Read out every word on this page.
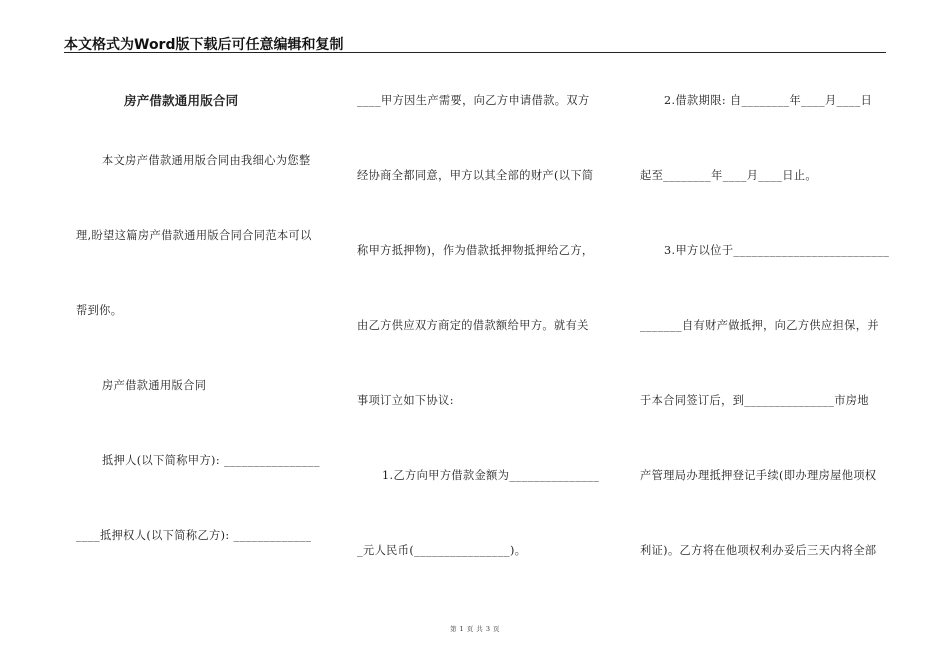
本文格式为Word版下载后可任意编辑和复制
房产借款通用版合同
本文房产借款通用版合同由我细心为您整
理,盼望这篇房产借款通用版合同合同范本可以
帮到你。
房产借款通用版合同
抵押人(以下简称甲方): ________________
____抵押权人(以下简称乙方): _____________
____甲方因生产需要，向乙方申请借款。双方
经协商全都同意，甲方以其全部的财产(以下简
称甲方抵押物)，作为借款抵押物抵押给乙方，
由乙方供应双方商定的借款额给甲方。就有关
事项订立如下协议:
1.乙方向甲方借款金额为_______________
_元人民币(________________)。
2.借款期限: 自________年____月____日
起至________年____月____日止。
3.甲方以位于__________________________
_______自有财产做抵押，向乙方供应担保，并
于本合同签订后，到_______________市房地
产管理局办理抵押登记手续(即办理房屋他项权
利证)。乙方将在他项权利办妥后三天内将全部
第 1 页 共 3 页
